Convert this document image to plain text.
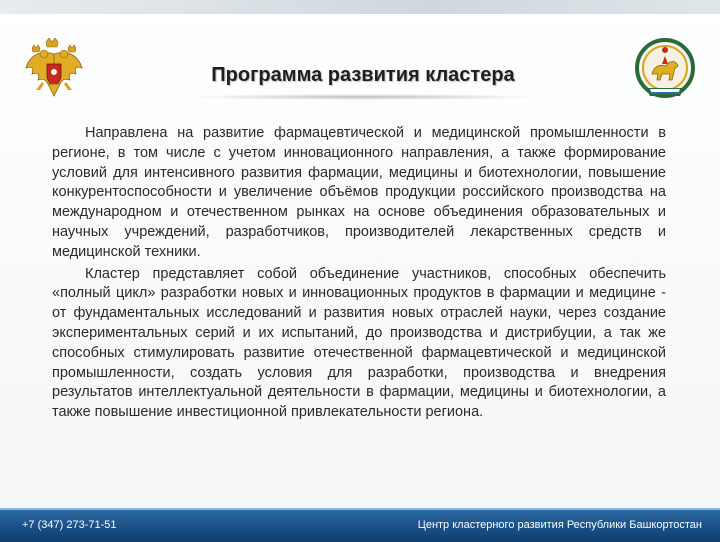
Программа развития кластера

Направлена на развитие фармацевтической и медицинской промышленности в регионе, в том числе с учетом инновационного направления, а также формирование условий для интенсивного развития фармации, медицины и биотехнологии, повышение конкурентоспособности и увеличение объёмов продукции российского производства на международном и отечественном рынках на основе объединения образовательных и научных учреждений, разработчиков, производителей лекарственных средств и медицинской техники.

Кластер представляет собой объединение участников, способных обеспечить «полный цикл» разработки новых и инновационных продуктов в фармации и медицине - от фундаментальных исследований и развития новых отраслей науки, через создание экспериментальных серий и их испытаний, до производства и дистрибуции, а так же способных стимулировать развитие отечественной фармацевтической и медицинской промышленности, создать условия для разработки, производства и внедрения результатов интеллектуальной деятельности в фармации, медицины и биотехнологии, а также повышение инвестиционной привлекательности региона.

+7 (347) 273-71-51	Центр кластерного развития Республики Башкортостан
